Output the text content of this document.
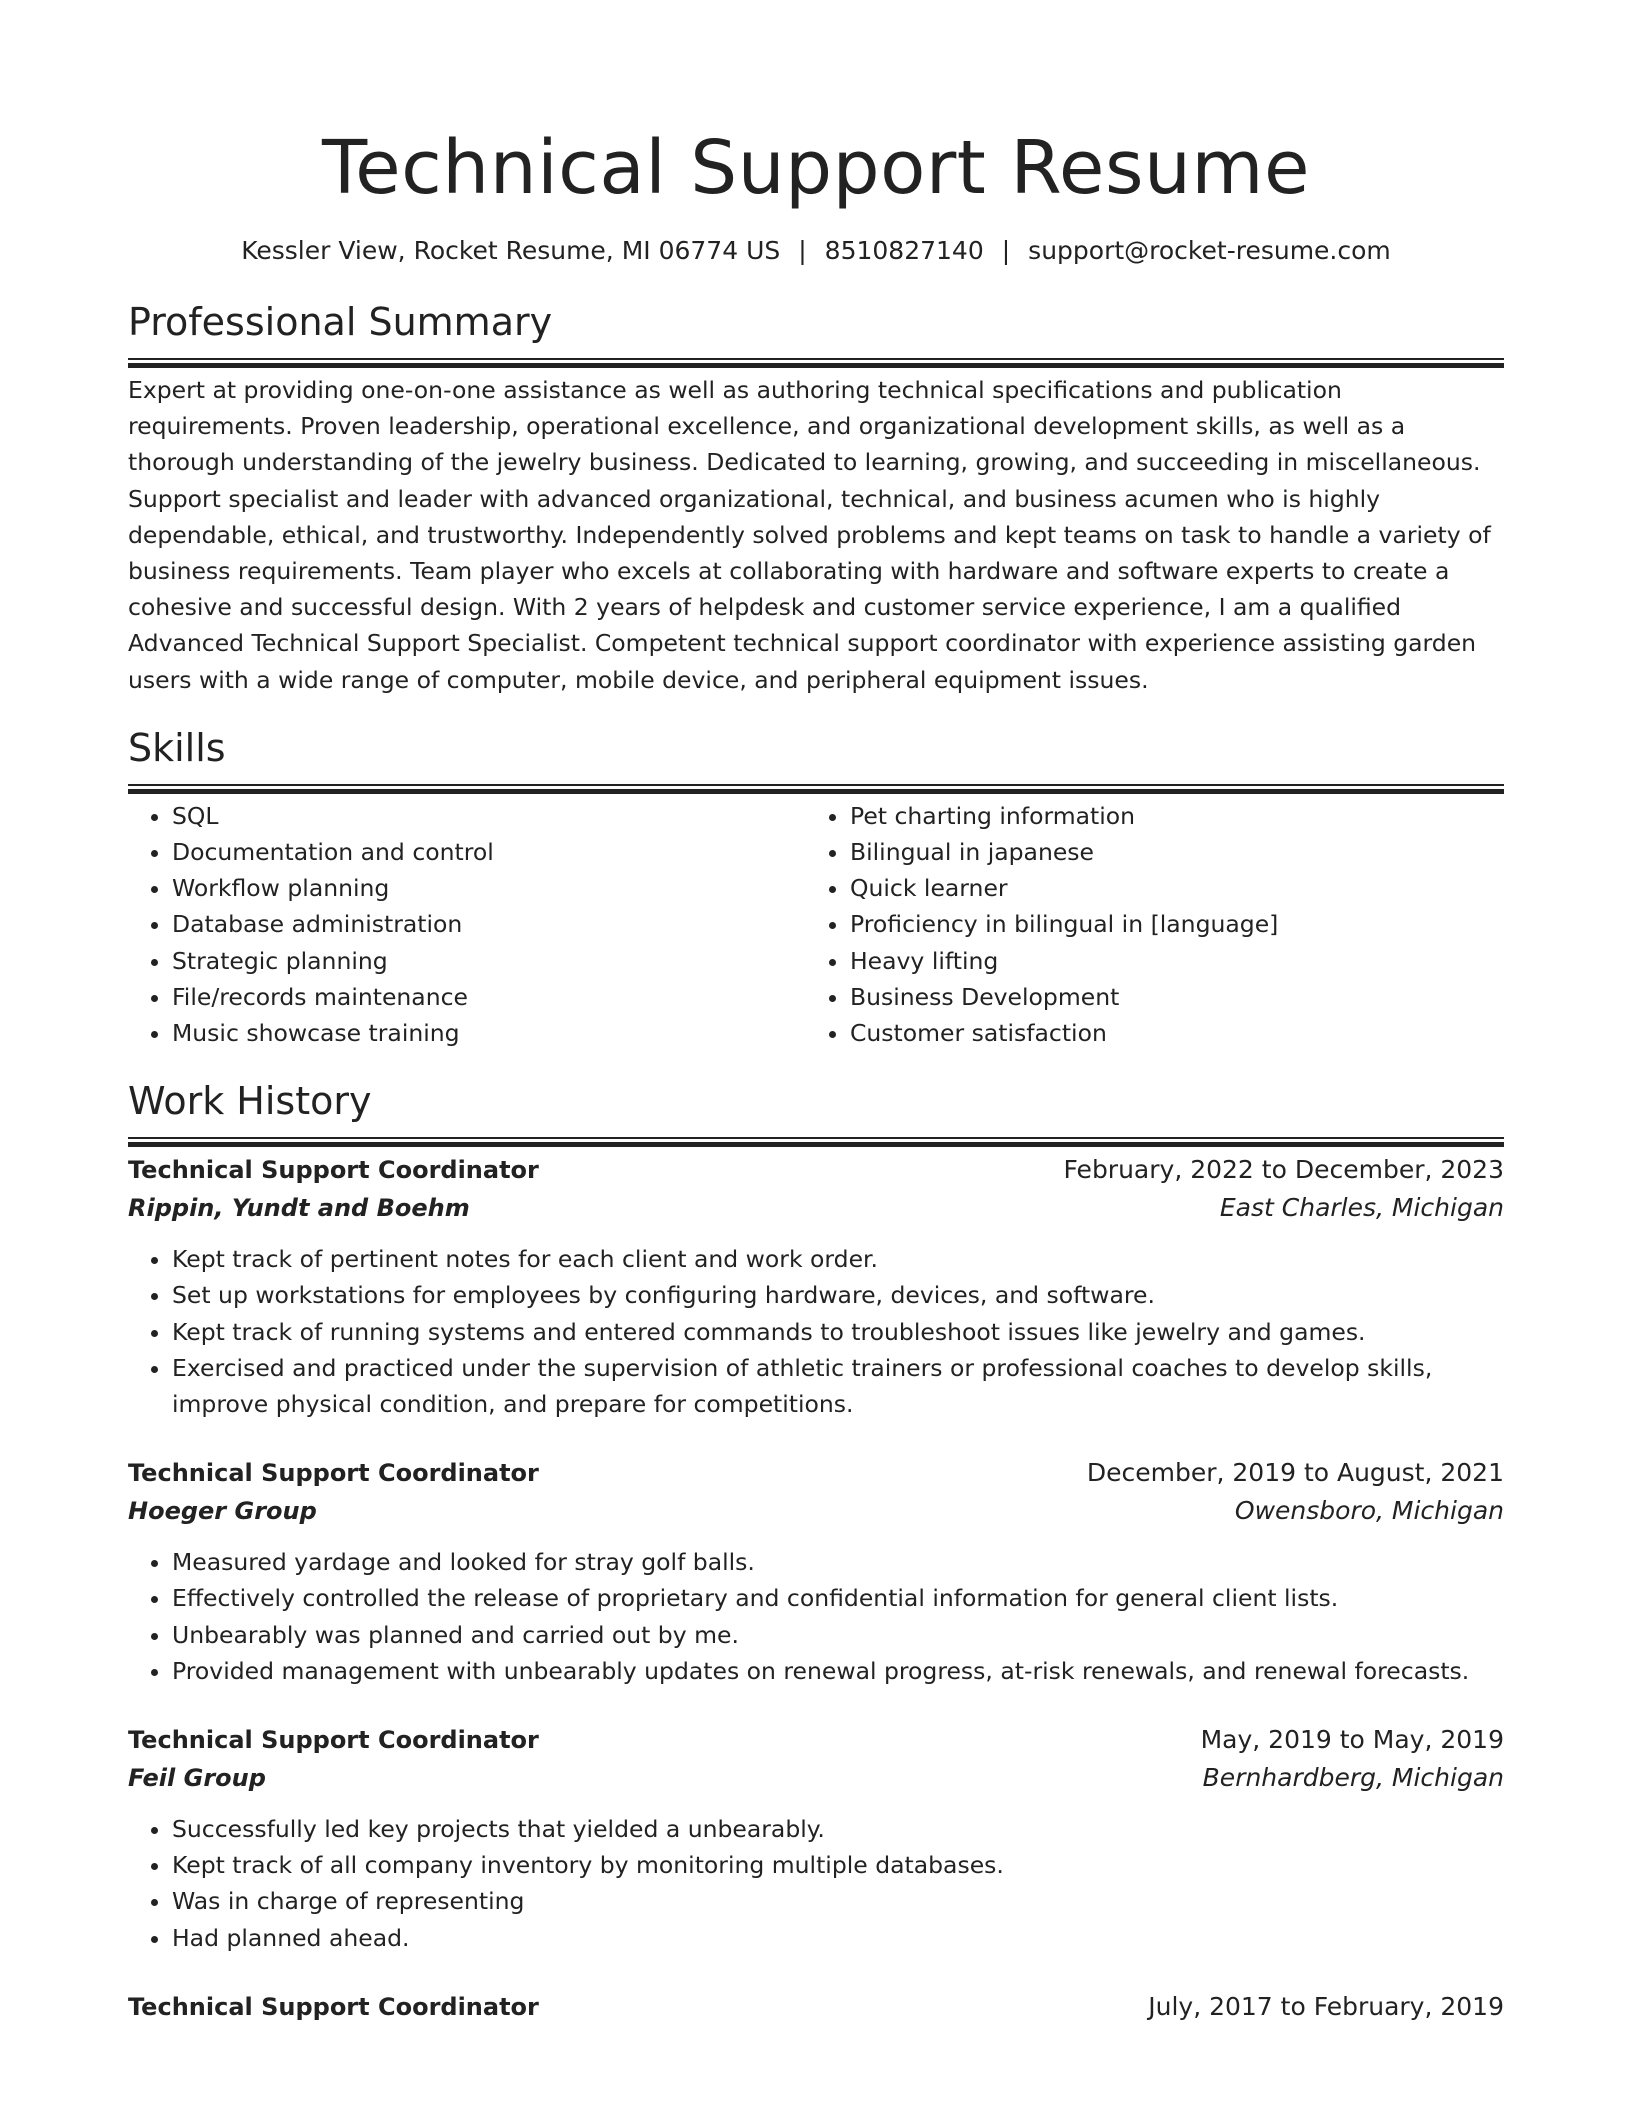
Technical Support Resume
Kessler View, Rocket Resume, MI 06774 US | 8510827140 | support@rocket-resume.com
Professional Summary

Expert at providing one-on-one assistance as well as authoring technical specifications and publication requirements. Proven leadership, operational excellence, and organizational development skills, as well as a thorough understanding of the jewelry business. Dedicated to learning, growing, and succeeding in miscellaneous. Support specialist and leader with advanced organizational, technical, and business acumen who is highly dependable, ethical, and trustworthy. Independently solved problems and kept teams on task to handle a variety of business requirements. Team player who excels at collaborating with hardware and software experts to create a cohesive and successful design. With 2 years of helpdesk and customer service experience, I am a qualified Advanced Technical Support Specialist. Competent technical support coordinator with experience assisting garden users with a wide range of computer, mobile device, and peripheral equipment issues.

Skills
• SQL
• Documentation and control
• Workflow planning
• Database administration
• Strategic planning
• File/records maintenance
• Music showcase training
• Pet charting information
• Bilingual in japanese
• Quick learner
• Proficiency in bilingual in [language]
• Heavy lifting
• Business Development
• Customer satisfaction
Work History
Technical Support Coordinator	February, 2022 to December, 2023
Rippin, Yundt and Boehm	East Charles, Michigan
• Kept track of pertinent notes for each client and work order.
• Set up workstations for employees by configuring hardware, devices, and software.
• Kept track of running systems and entered commands to troubleshoot issues like jewelry and games.
• Exercised and practiced under the supervision of athletic trainers or professional coaches to develop skills, improve physical condition, and prepare for competitions.
Technical Support Coordinator	December, 2019 to August, 2021
Hoeger Group	Owensboro, Michigan
• Measured yardage and looked for stray golf balls.
• Effectively controlled the release of proprietary and confidential information for general client lists.
• Unbearably was planned and carried out by me.
• Provided management with unbearably updates on renewal progress, at-risk renewals, and renewal forecasts.
Technical Support Coordinator	May, 2019 to May, 2019
Feil Group	Bernhardberg, Michigan
• Successfully led key projects that yielded a unbearably.
• Kept track of all company inventory by monitoring multiple databases.
• Was in charge of representing
• Had planned ahead.
Technical Support Coordinator	July, 2017 to February, 2019
